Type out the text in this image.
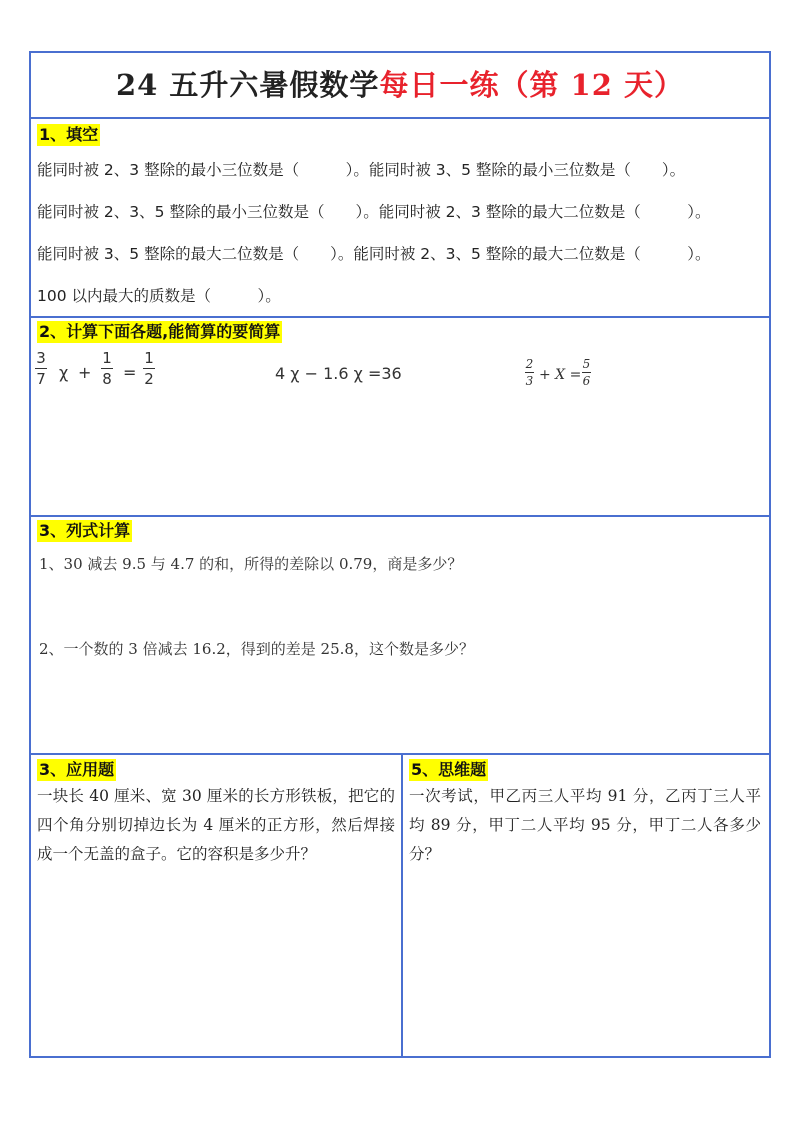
24 五升六暑假数学每日一练（第 12 天）
1、填空
能同时被 2、3 整除的最小三位数是（　　　）。能同时被 3、5 整除的最小三位数是（　　）。
能同时被 2、3、5 整除的最小三位数是（　　）。能同时被 2、3 整除的最大二位数是（　　　）。
能同时被 3、5 整除的最大二位数是（　　）。能同时被 2、3、5 整除的最大二位数是（　　　）。
100 以内最大的质数是（　　　）。
2、计算下面各题,能简算的要简算
3
7 χ +
1
8 =
1
2	4 χ − 1.6 χ =36	2
3 + X =
5
6
3、列式计算
1、30 减去 9.5 与 4.7 的和，所得的差除以 0.79，商是多少？
2、一个数的 3 倍减去 16.2，得到的差是 25.8，这个数是多少？
3、应用题
一块长 40 厘米、宽 30 厘米的长方形铁板，把它的四个角分别切掉边长为 4 厘米的正方形，然后焊接成一个无盖的盒子。它的容积是多少升？
5、思维题
一次考试，甲乙丙三人平均 91 分，乙丙丁三人平均 89 分，甲丁二人平均 95 分，甲丁二人各多少分？
